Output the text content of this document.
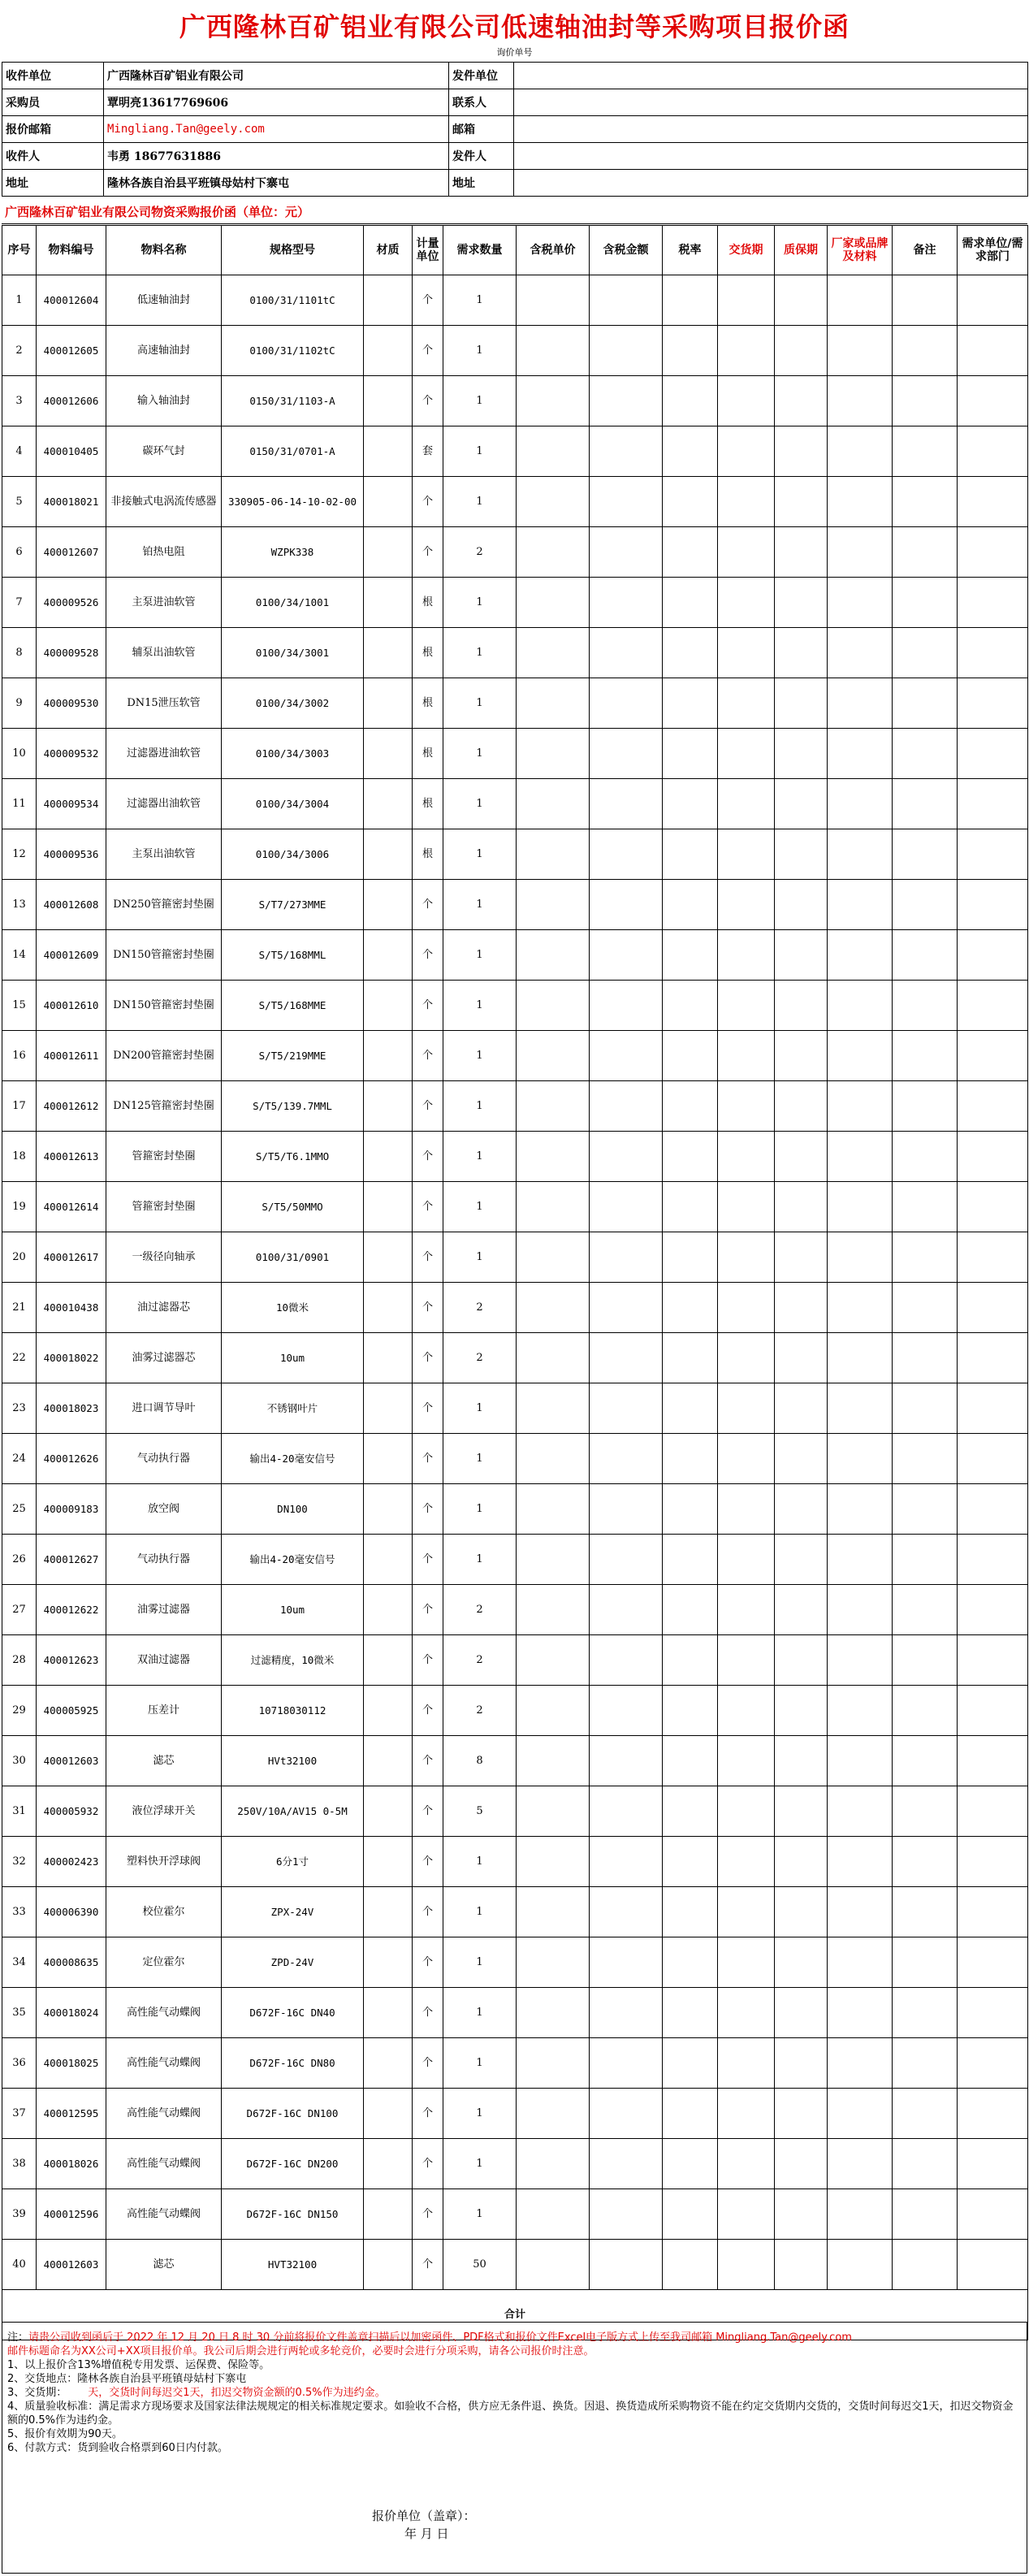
广西隆林百矿铝业有限公司低速轴油封等采购项目报价函
询价单号
收件单位	广西隆林百矿铝业有限公司	发件单位	
采购员	覃明亮13617769606	联系人	
报价邮箱	Mingliang.Tan@geely.com	邮箱	
收件人	韦勇 18677631886	发件人	
地址	隆林各族自治县平班镇母姑村下寨屯	地址	
广西隆林百矿铝业有限公司物资采购报价函（单位：元）
序号	物料编号	物料名称	规格型号	材质	计量单位	需求数量	含税单价	含税金额	税率	交货期	质保期	厂家或品牌及材料	备注	需求单位/需求部门
1	400012604	低速轴油封	0100/31/1101tC		个	1								
2	400012605	高速轴油封	0100/31/1102tC		个	1								
3	400012606	输入轴油封	0150/31/1103-A		个	1								
4	400010405	碳环气封	0150/31/0701-A		套	1								
5	400018021	非接触式电涡流传感器	330905-06-14-10-02-00		个	1								
6	400012607	铂热电阻	WZPK338		个	2								
7	400009526	主泵进油软管	0100/34/1001		根	1								
8	400009528	辅泵出油软管	0100/34/3001		根	1								
9	400009530	DN15泄压软管	0100/34/3002		根	1								
10	400009532	过滤器进油软管	0100/34/3003		根	1								
11	400009534	过滤器出油软管	0100/34/3004		根	1								
12	400009536	主泵出油软管	0100/34/3006		根	1								
13	400012608	DN250管箍密封垫圈	S/T7/273MME		个	1								
14	400012609	DN150管箍密封垫圈	S/T5/168MML		个	1								
15	400012610	DN150管箍密封垫圈	S/T5/168MME		个	1								
16	400012611	DN200管箍密封垫圈	S/T5/219MME		个	1								
17	400012612	DN125管箍密封垫圈	S/T5/139.7MML		个	1								
18	400012613	管箍密封垫圈	S/T5/T6.1MMO		个	1								
19	400012614	管箍密封垫圈	S/T5/50MMO		个	1								
20	400012617	一级径向轴承	0100/31/0901		个	1								
21	400010438	油过滤器芯	10微米		个	2								
22	400018022	油雾过滤器芯	10um		个	2								
23	400018023	进口调节导叶	不锈钢叶片		个	1								
24	400012626	气动执行器	输出4-20毫安信号		个	1								
25	400009183	放空阀	DN100		个	1								
26	400012627	气动执行器	输出4-20毫安信号		个	1								
27	400012622	油雾过滤器	10um		个	2								
28	400012623	双油过滤器	过滤精度，10微米		个	2								
29	400005925	压差计	10718030112		个	2								
30	400012603	滤芯	HVt32100		个	8								
31	400005932	液位浮球开关	250V/10A/AV15 0-5M		个	5								
32	400002423	塑料快开浮球阀	6分1寸		个	1								
33	400006390	校位霍尔	ZPX-24V		个	1								
34	400008635	定位霍尔	ZPD-24V		个	1								
35	400018024	高性能气动蝶阀	D672F-16C DN40		个	1								
36	400018025	高性能气动蝶阀	D672F-16C DN80		个	1								
37	400012595	高性能气动蝶阀	D672F-16C DN100		个	1								
38	400018026	高性能气动蝶阀	D672F-16C DN200		个	1								
39	400012596	高性能气动蝶阀	D672F-16C DN150		个	1								
40	400012603	滤芯	HVT32100		个	50								
合计														
注：请贵公司收到函后于 2022 年 12 月 20 日 8 时 30 分前将报价文件盖章扫描后以加密函件、PDF格式和报价文件Excel电子版方式上传至我司邮箱 Mingliang.Tan@geely.com
邮件标题命名为XX公司+XX项目报价单。我公司后期会进行两轮或多轮竞价，必要时会进行分项采购，请各公司报价时注意。
1、以上报价含13%增值税专用发票、运保费、保险等。
2、交货地点：隆林各族自治县平班镇母姑村下寨屯
3、交货期： 天，交货时间每迟交1天，扣迟交物资金额的0.5%作为违约金。
4、质量验收标准：满足需求方现场要求及国家法律法规规定的相关标准规定要求。如验收不合格，供方应无条件退、换货。因退、换货造成所采购物资不能在约定交货期内交货的，交货时间每迟交1天，扣迟交物资金额的0.5%作为违约金。
5、报价有效期为90天。
6、付款方式：货到验收合格票到60日内付款。
报价单位（盖章）：
年 月 日
